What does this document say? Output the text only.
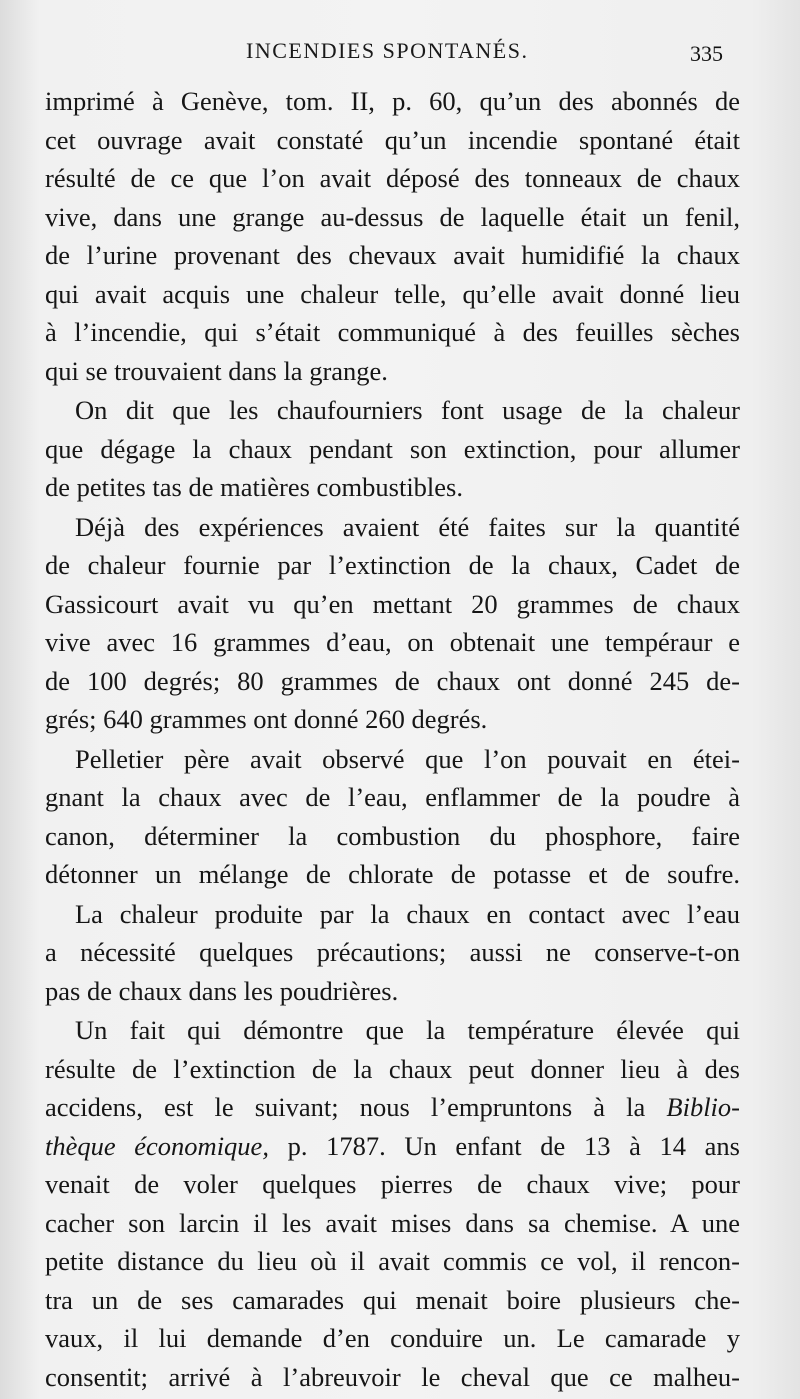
INCENDIES SPONTANÉS.	335
imprimé à Genève, tom. II, p. 60, qu’un des abonnés de
cet ouvrage avait constaté qu’un incendie spontané était
résulté de ce que l’on avait déposé des tonneaux de chaux
vive, dans une grange au-dessus de laquelle était un fenil,
de l’urine provenant des chevaux avait humidifié la chaux
qui avait acquis une chaleur telle, qu’elle avait donné lieu
à l’incendie, qui s’était communiqué à des feuilles sèches
qui se trouvaient dans la grange.
On dit que les chaufourniers font usage de la chaleur
que dégage la chaux pendant son extinction, pour allumer
de petites tas de matières combustibles.
Déjà des expériences avaient été faites sur la quantité
de chaleur fournie par l’extinction de la chaux, Cadet de
Gassicourt avait vu qu’en mettant 20 grammes de chaux
vive avec 16 grammes d’eau, on obtenait une tempéraur e
de 100 degrés; 80 grammes de chaux ont donné 245 de-
grés; 640 grammes ont donné 260 degrés.
Pelletier père avait observé que l’on pouvait en étei-
gnant la chaux avec de l’eau, enflammer de la poudre à
canon, déterminer la combustion du phosphore, faire
détonner un mélange de chlorate de potasse et de soufre.
La chaleur produite par la chaux en contact avec l’eau
a nécessité quelques précautions; aussi ne conserve-t-on
pas de chaux dans les poudrières.
Un fait qui démontre que la température élevée qui
résulte de l’extinction de la chaux peut donner lieu à des
accidens, est le suivant; nous l’empruntons à la Biblio-
thèque économique, p. 1787. Un enfant de 13 à 14 ans
venait de voler quelques pierres de chaux vive; pour
cacher son larcin il les avait mises dans sa chemise. A une
petite distance du lieu où il avait commis ce vol, il rencon-
tra un de ses camarades qui menait boire plusieurs che-
vaux, il lui demande d’en conduire un. Le camarade y
consentit; arrivé à l’abreuvoir le cheval que ce malheu-
